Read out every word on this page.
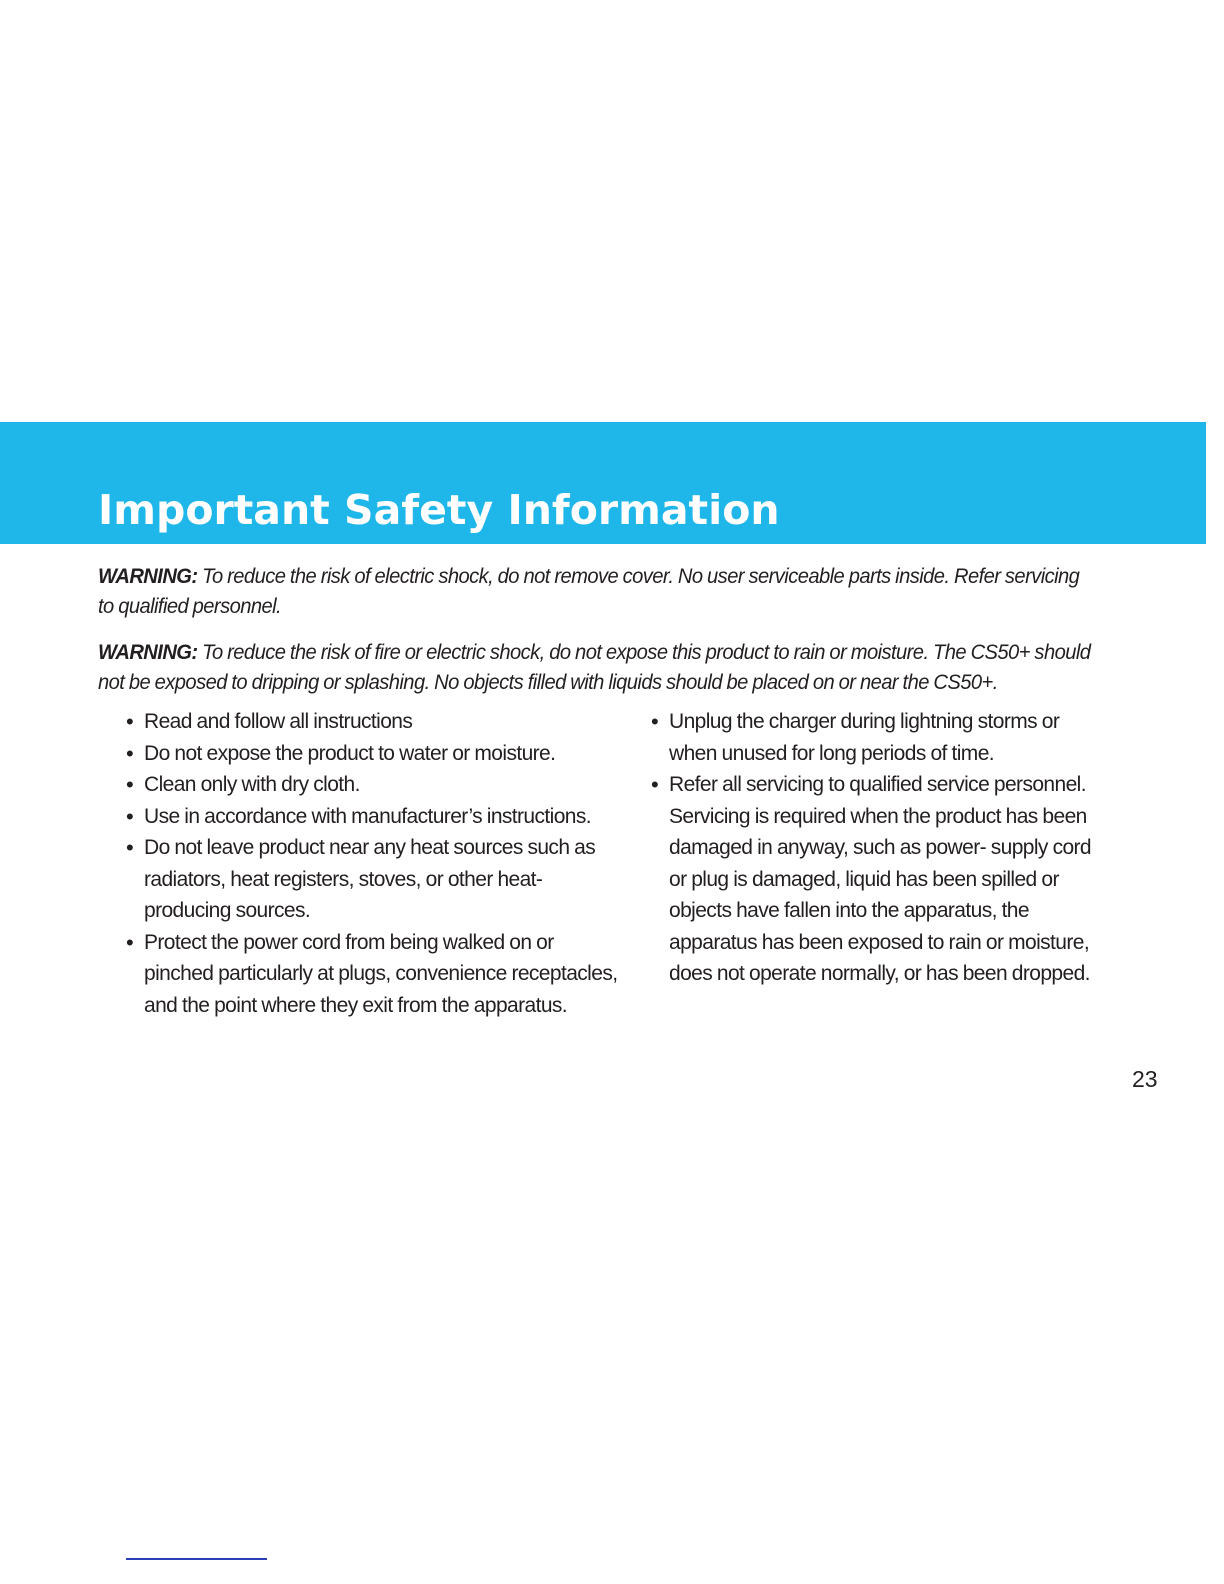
Important Safety Information

WARNING: To reduce the risk of electric shock, do not remove cover. No user serviceable parts inside. Refer servicing to qualified personnel.

WARNING: To reduce the risk of fire or electric shock, do not expose this product to rain or moisture. The CS50+ should not be exposed to dripping or splashing. No objects filled with liquids should be placed on or near the CS50+.

• Read and follow all instructions
• Do not expose the product to water or moisture.
• Clean only with dry cloth.
• Use in accordance with manufacturer’s instructions.
• Do not leave product near any heat sources such as radiators, heat registers, stoves, or other heat-producing sources.
• Protect the power cord from being walked on or pinched particularly at plugs, convenience receptacles, and the point where they exit from the apparatus.
• Unplug the charger during lightning storms or when unused for long periods of time.
• Refer all servicing to qualified service personnel. Servicing is required when the product has been damaged in anyway, such as power- supply cord or plug is damaged, liquid has been spilled or objects have fallen into the apparatus, the apparatus has been exposed to rain or moisture, does not operate normally, or has been dropped.
23
